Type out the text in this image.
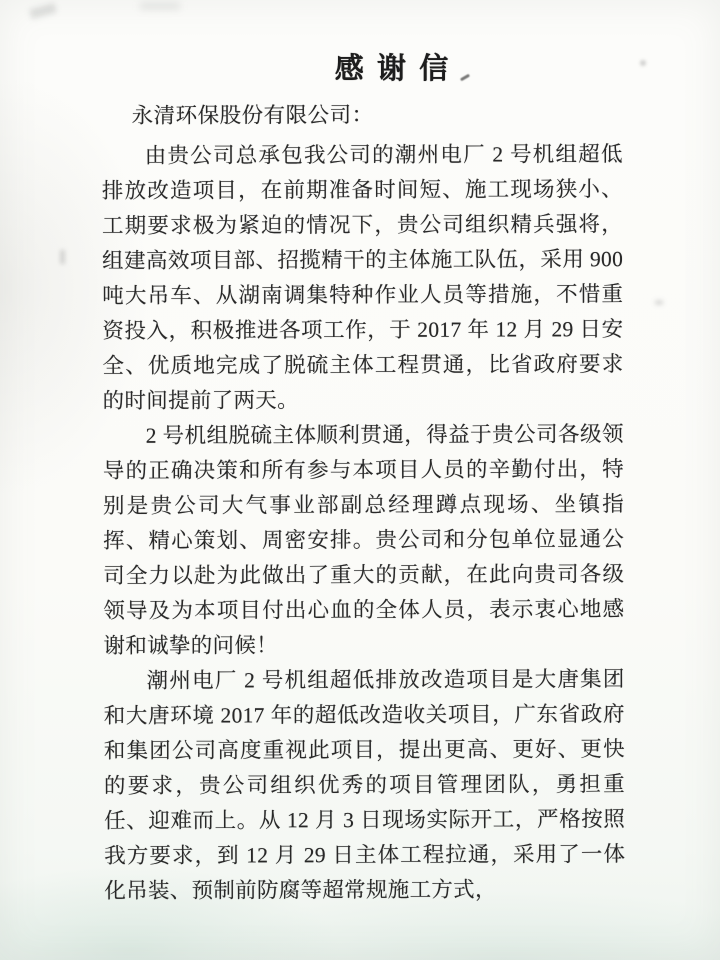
感 谢 信
永清环保股份有限公司：

由贵公司总承包我公司的潮州电厂 2 号机组超低排放改造项目，在前期准备时间短、施工现场狭小、工期要求极为紧迫的情况下，贵公司组织精兵强将，组建高效项目部、招揽精干的主体施工队伍，采用 900 吨大吊车、从湖南调集特种作业人员等措施，不惜重资投入，积极推进各项工作，于 2017 年 12 月 29 日安全、优质地完成了脱硫主体工程贯通，比省政府要求的时间提前了两天。

2 号机组脱硫主体顺利贯通，得益于贵公司各级领导的正确决策和所有参与本项目人员的辛勤付出，特别是贵公司大气事业部副总经理蹲点现场、坐镇指挥、精心策划、周密安排。贵公司和分包单位显通公司全力以赴为此做出了重大的贡献，在此向贵司各级领导及为本项目付出心血的全体人员，表示衷心地感谢和诚挚的问候！

潮州电厂 2 号机组超低排放改造项目是大唐集团和大唐环境 2017 年的超低改造收关项目，广东省政府和集团公司高度重视此项目，提出更高、更好、更快的要求，贵公司组织优秀的项目管理团队，勇担重任、迎难而上。从 12 月 3 日现场实际开工，严格按照我方要求，到 12 月 29 日主体工程拉通，采用了一体化吊装、预制前防腐等超常规施工方式，
